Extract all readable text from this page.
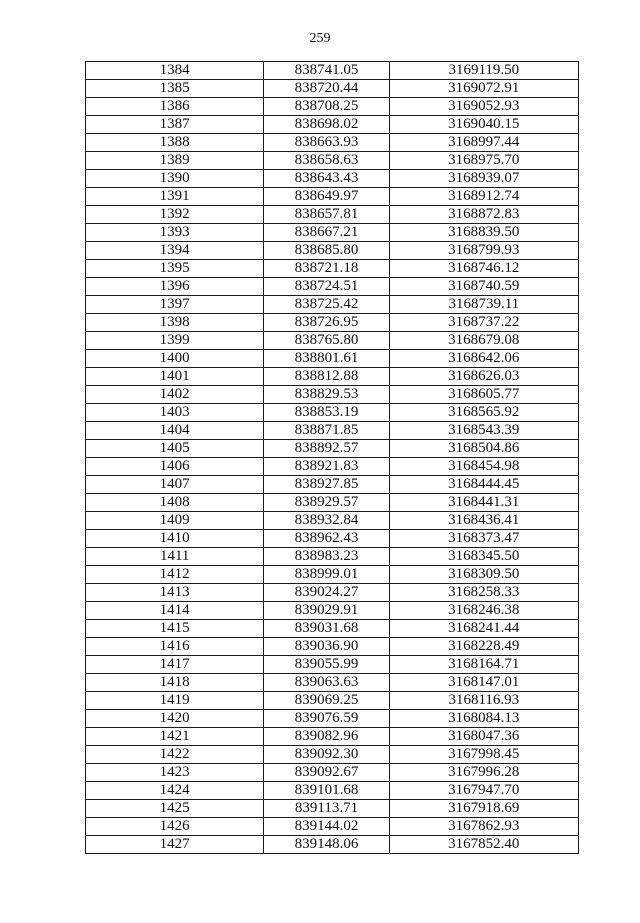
259
1384	838741.05	3169119.50
1385	838720.44	3169072.91
1386	838708.25	3169052.93
1387	838698.02	3169040.15
1388	838663.93	3168997.44
1389	838658.63	3168975.70
1390	838643.43	3168939.07
1391	838649.97	3168912.74
1392	838657.81	3168872.83
1393	838667.21	3168839.50
1394	838685.80	3168799.93
1395	838721.18	3168746.12
1396	838724.51	3168740.59
1397	838725.42	3168739.11
1398	838726.95	3168737.22
1399	838765.80	3168679.08
1400	838801.61	3168642.06
1401	838812.88	3168626.03
1402	838829.53	3168605.77
1403	838853.19	3168565.92
1404	838871.85	3168543.39
1405	838892.57	3168504.86
1406	838921.83	3168454.98
1407	838927.85	3168444.45
1408	838929.57	3168441.31
1409	838932.84	3168436.41
1410	838962.43	3168373.47
1411	838983.23	3168345.50
1412	838999.01	3168309.50
1413	839024.27	3168258.33
1414	839029.91	3168246.38
1415	839031.68	3168241.44
1416	839036.90	3168228.49
1417	839055.99	3168164.71
1418	839063.63	3168147.01
1419	839069.25	3168116.93
1420	839076.59	3168084.13
1421	839082.96	3168047.36
1422	839092.30	3167998.45
1423	839092.67	3167996.28
1424	839101.68	3167947.70
1425	839113.71	3167918.69
1426	839144.02	3167862.93
1427	839148.06	3167852.40
